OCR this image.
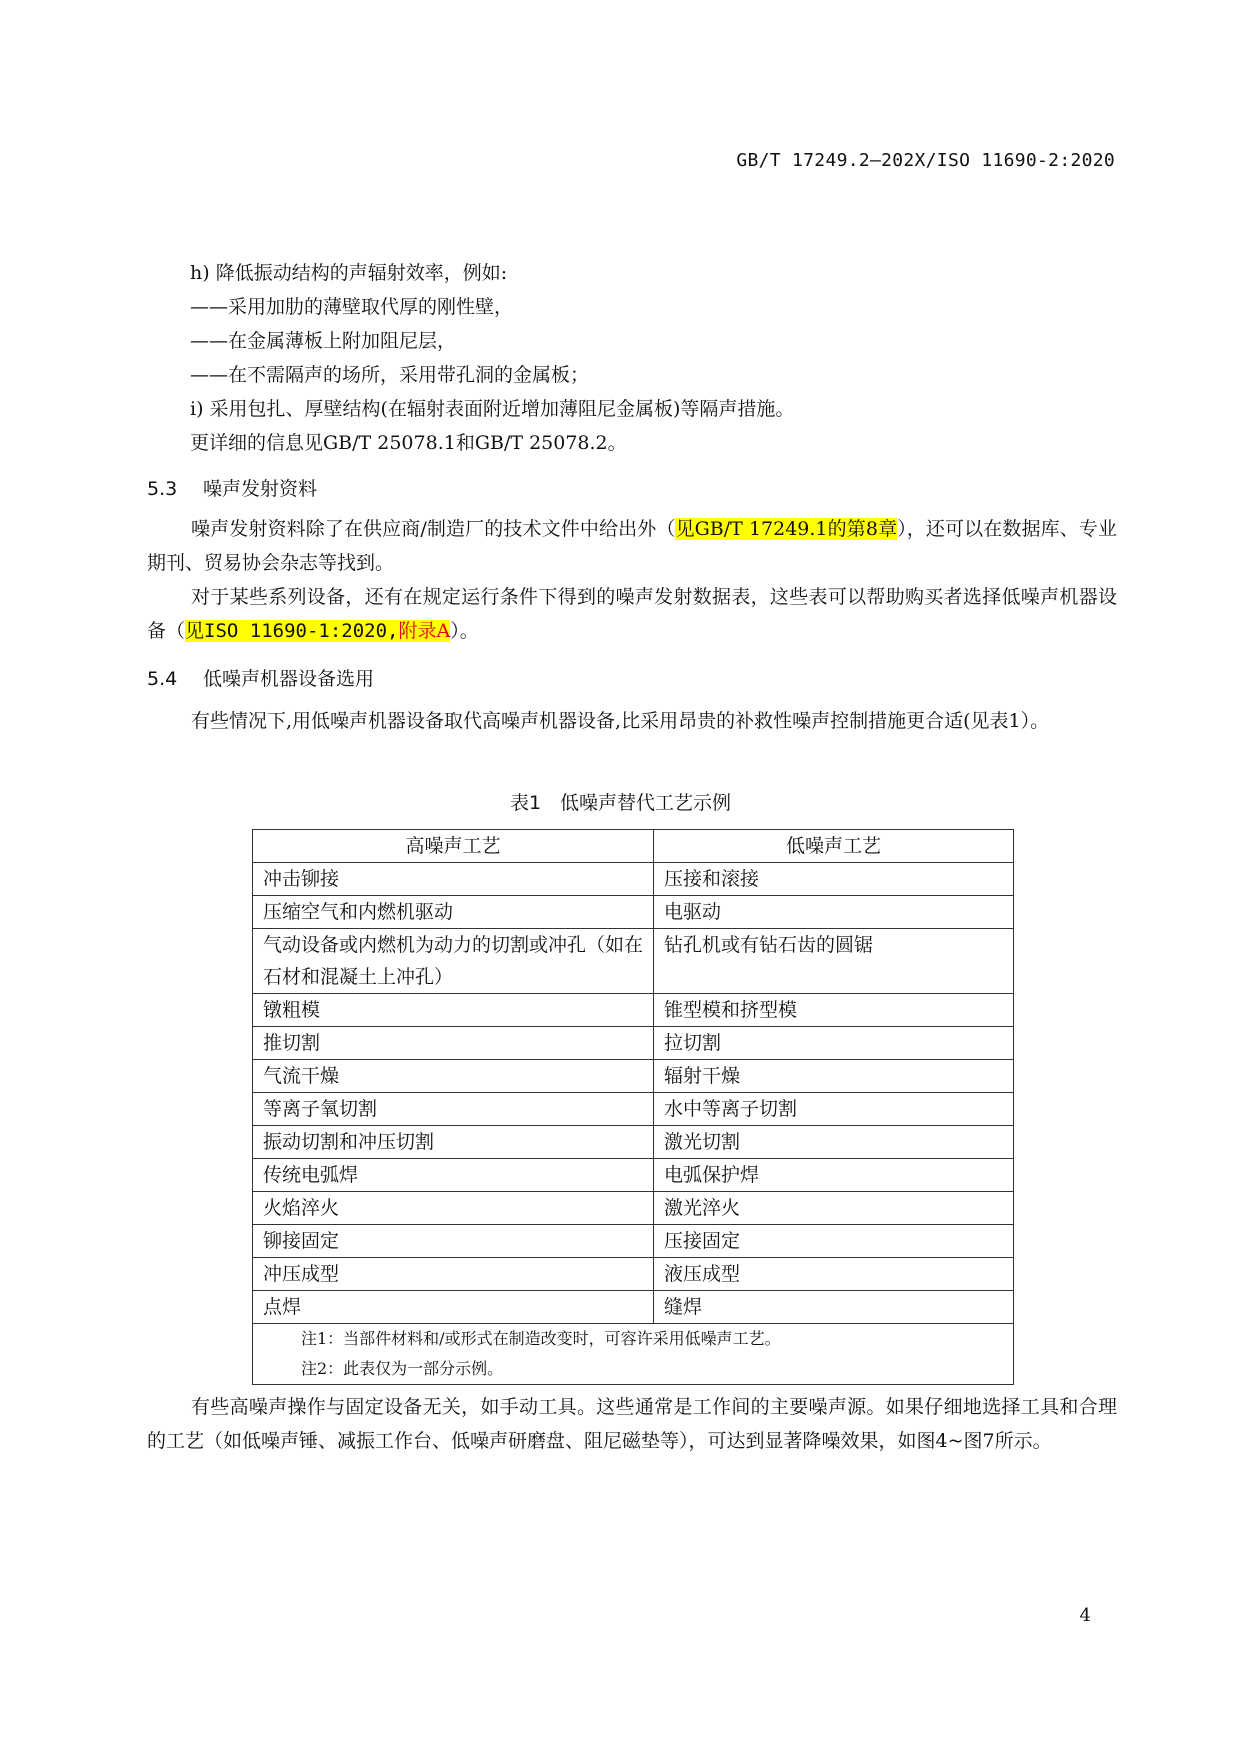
GB/T 17249.2—202X/ISO 11690-2:2020
h) 降低振动结构的声辐射效率，例如:
——采用加肋的薄壁取代厚的刚性壁，
——在金属薄板上附加阻尼层，
——在不需隔声的场所，采用带孔洞的金属板；
i) 采用包扎、厚壁结构(在辐射表面附近增加薄阻尼金属板)等隔声措施。
更详细的信息见GB/T 25078.1和GB/T 25078.2。
5.3 噪声发射资料
噪声发射资料除了在供应商/制造厂的技术文件中给出外（见GB/T 17249.1的第8章），还可以在数据库、专业期刊、贸易协会杂志等找到。
对于某些系列设备，还有在规定运行条件下得到的噪声发射数据表，这些表可以帮助购买者选择低噪声机器设备（见ISO 11690-1:2020,附录A）。
5.4 低噪声机器设备选用
有些情况下,用低噪声机器设备取代高噪声机器设备,比采用昂贵的补救性噪声控制措施更合适(见表1）。
表1　低噪声替代工艺示例
高噪声工艺	低噪声工艺
冲击铆接	压接和滚接
压缩空气和内燃机驱动	电驱动
气动设备或内燃机为动力的切割或冲孔（如在石材和混凝土上冲孔）	钻孔机或有钻石齿的圆锯
镦粗模	锥型模和挤型模
推切割	拉切割
气流干燥	辐射干燥
等离子氧切割	水中等离子切割
振动切割和冲压切割	激光切割
传统电弧焊	电弧保护焊
火焰淬火	激光淬火
铆接固定	压接固定
冲压成型	液压成型
点焊	缝焊
注1：当部件材料和/或形式在制造改变时，可容许采用低噪声工艺。	
注2：此表仅为一部分示例。	
有些高噪声操作与固定设备无关，如手动工具。这些通常是工作间的主要噪声源。如果仔细地选择工具和合理的工艺（如低噪声锤、减振工作台、低噪声研磨盘、阻尼磁垫等），可达到显著降噪效果，如图4~图7所示。
4
